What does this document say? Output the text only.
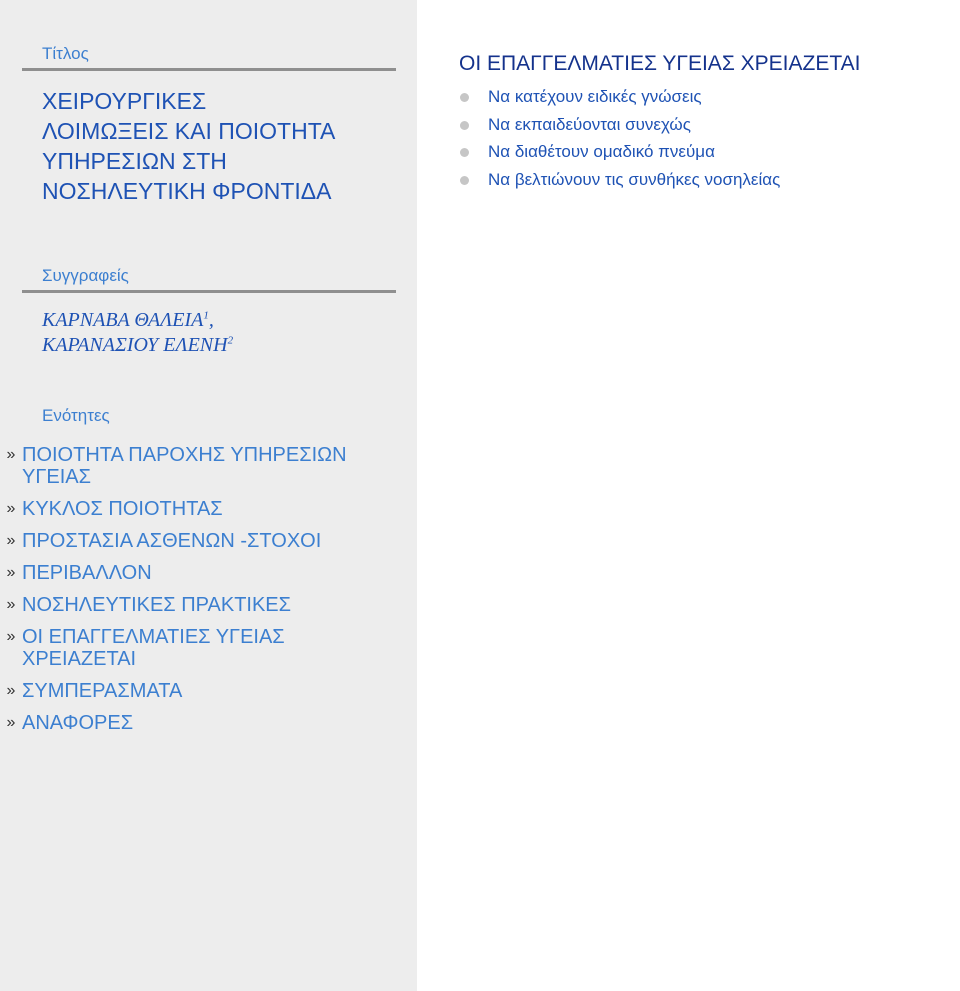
Τίτλος
ΧΕΙΡΟΥΡΓΙΚΕΣ
ΛΟΙΜΩΞΕΙΣ ΚΑΙ ΠΟΙΟΤΗΤΑ
ΥΠΗΡΕΣΙΩΝ ΣΤΗ
ΝΟΣΗΛΕΥΤΙΚΗ ΦΡΟΝΤΙΔΑ
Συγγραφείς
ΚΑΡΝΑΒΑ ΘΑΛΕΙΑ$^1$,
ΚΑΡΑΝΑΣΙΟΥ ΕΛΕΝΗ$^2$
Ενότητες
» ΠΟΙΟΤΗΤΑ ΠΑΡΟΧΗΣ ΥΠΗΡΕΣΙΩΝ ΥΓΕΙΑΣ
» ΚΥΚΛΟΣ ΠΟΙΟΤΗΤΑΣ
» ΠΡΟΣΤΑΣΙΑ ΑΣΘΕΝΩΝ -ΣΤΟΧΟΙ
» ΠΕΡΙΒΑΛΛΟΝ
» ΝΟΣΗΛΕΥΤΙΚΕΣ ΠΡΑΚΤΙΚΕΣ
» ΟΙ ΕΠΑΓΓΕΛΜΑΤΙΕΣ ΥΓΕΙΑΣ ΧΡΕΙΑΖΕΤΑΙ
» ΣΥΜΠΕΡΑΣΜΑΤΑ
» ΑΝΑΦΟΡΕΣ
ΟΙ ΕΠΑΓΓΕΛΜΑΤΙΕΣ ΥΓΕΙΑΣ ΧΡΕΙΑΖΕΤΑΙ
Να κατέχουν ειδικές γνώσεις
Να εκπαιδεύονται συνεχώς
Να διαθέτουν ομαδικό πνεύμα
Να βελτιώνουν τις συνθήκες νοσηλείας
